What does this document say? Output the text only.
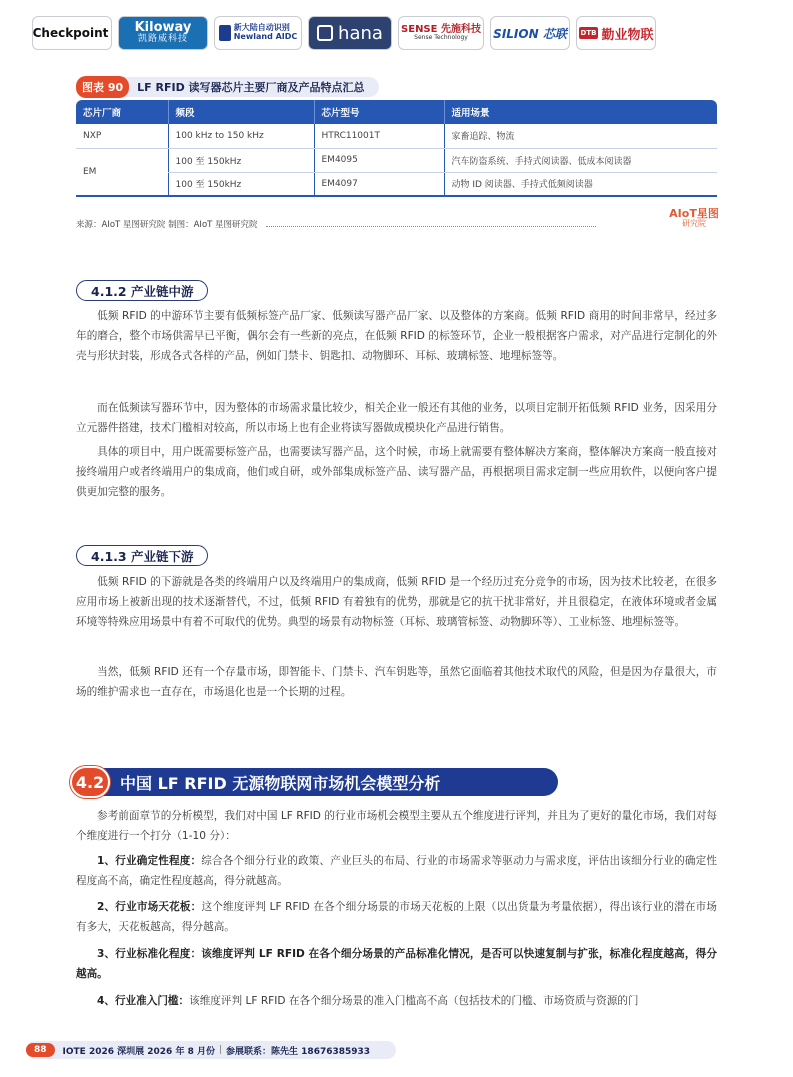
Checkpoint Kiloway
凯路威科技
新大陆自动识别
Newland AIDC hana SENSE 先施科技
Sense Technology SILION 芯联 DTB 勤业物联
图表 90	LF RFID 读写器芯片主要厂商及产品特点汇总
芯片厂商	频段	芯片型号	适用场景
NXP	100 kHz to 150 kHz	HTRC11001T	家畜追踪、物流
EM	100 至 150kHz	EM4095	汽车防盗系统、手持式阅读器、低成本阅读器
	100 至 150kHz	EM4097	动物 ID 阅读器、手持式低频阅读器
来源：AIoT 星图研究院 制图：AIoT 星图研究院
AIoT星图
研究院
4.1.2 产业链中游
低频 RFID 的中游环节主要有低频标签产品厂家、低频读写器产品厂家、以及整体的方案商。低频 RFID 商用的时间非常早，经过多年的磨合，整个市场供需早已平衡，偶尔会有一些新的亮点，在低频 RFID 的标签环节，企业一般根据客户需求，对产品进行定制化的外壳与形状封装，形成各式各样的产品，例如门禁卡、钥匙扣、动物脚环、耳标、玻璃标签、地埋标签等。
而在低频读写器环节中，因为整体的市场需求量比较少，相关企业一般还有其他的业务，以项目定制开拓低频 RFID 业务，因采用分立元器件搭建，技术门槛相对较高，所以市场上也有企业将读写器做成模块化产品进行销售。
具体的项目中，用户既需要标签产品，也需要读写器产品，这个时候，市场上就需要有整体解决方案商，整体解决方案商一般直接对接终端用户或者终端用户的集成商，他们或自研，或外部集成标签产品、读写器产品，再根据项目需求定制一些应用软件，以便向客户提供更加完整的服务。
4.1.3 产业链下游
低频 RFID 的下游就是各类的终端用户以及终端用户的集成商，低频 RFID 是一个经历过充分竞争的市场，因为技术比较老，在很多应用市场上被新出现的技术逐渐替代，不过，低频 RFID 有着独有的优势，那就是它的抗干扰非常好，并且很稳定，在液体环境或者金属环境等特殊应用场景中有着不可取代的优势。典型的场景有动物标签（耳标、玻璃管标签、动物脚环等）、工业标签、地埋标签等。
当然，低频 RFID 还有一个存量市场，即智能卡、门禁卡、汽车钥匙等，虽然它面临着其他技术取代的风险，但是因为存量很大，市场的维护需求也一直存在，市场退化也是一个长期的过程。
4.2 中国 LF RFID 无源物联网市场机会模型分析
参考前面章节的分析模型，我们对中国 LF RFID 的行业市场机会模型主要从五个维度进行评判，并且为了更好的量化市场，我们对每个维度进行一个打分（1-10 分）：
1、行业确定性程度：综合各个细分行业的政策、产业巨头的布局、行业的市场需求等驱动力与需求度，评估出该细分行业的确定性程度高不高，确定性程度越高，得分就越高。
2、行业市场天花板：这个维度评判 LF RFID 在各个细分场景的市场天花板的上限（以出货量为考量依据），得出该行业的潜在市场有多大，天花板越高，得分越高。
3、行业标准化程度：该维度评判 LF RFID 在各个细分场景的产品标准化情况，是否可以快速复制与扩张，标准化程度越高，得分越高。
4、行业准入门槛：该维度评判 LF RFID 在各个细分场景的准入门槛高不高（包括技术的门槛、市场资质与资源的门
88	IOTE 2026 深圳展 2026 年 8 月份 | 参展联系：陈先生 18676385933
